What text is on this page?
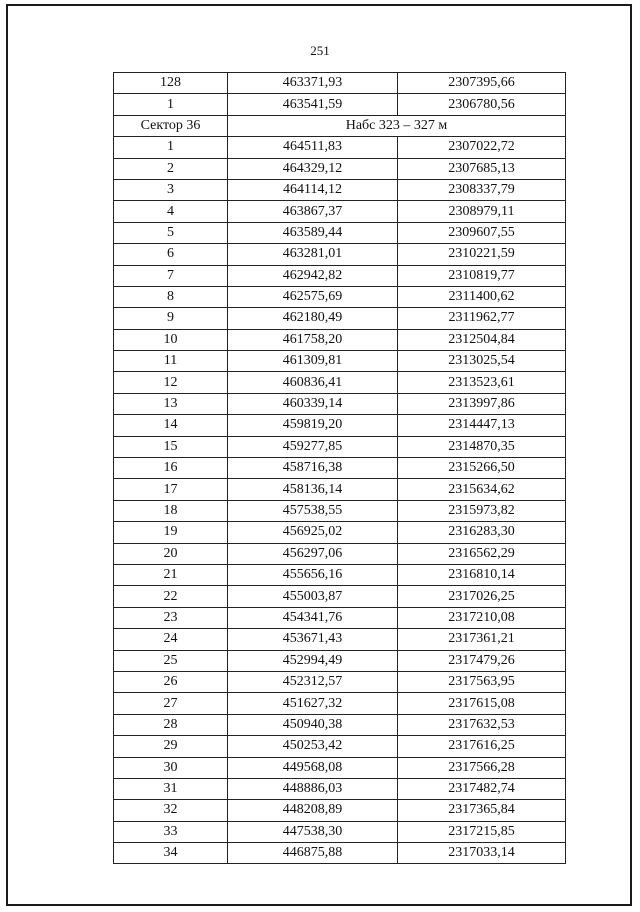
251
128	463371,93	2307395,66
1	463541,59	2306780,56
Сектор 36	Набс 323 – 327 м	
1	464511,83	2307022,72
2	464329,12	2307685,13
3	464114,12	2308337,79
4	463867,37	2308979,11
5	463589,44	2309607,55
6	463281,01	2310221,59
7	462942,82	2310819,77
8	462575,69	2311400,62
9	462180,49	2311962,77
10	461758,20	2312504,84
11	461309,81	2313025,54
12	460836,41	2313523,61
13	460339,14	2313997,86
14	459819,20	2314447,13
15	459277,85	2314870,35
16	458716,38	2315266,50
17	458136,14	2315634,62
18	457538,55	2315973,82
19	456925,02	2316283,30
20	456297,06	2316562,29
21	455656,16	2316810,14
22	455003,87	2317026,25
23	454341,76	2317210,08
24	453671,43	2317361,21
25	452994,49	2317479,26
26	452312,57	2317563,95
27	451627,32	2317615,08
28	450940,38	2317632,53
29	450253,42	2317616,25
30	449568,08	2317566,28
31	448886,03	2317482,74
32	448208,89	2317365,84
33	447538,30	2317215,85
34	446875,88	2317033,14
